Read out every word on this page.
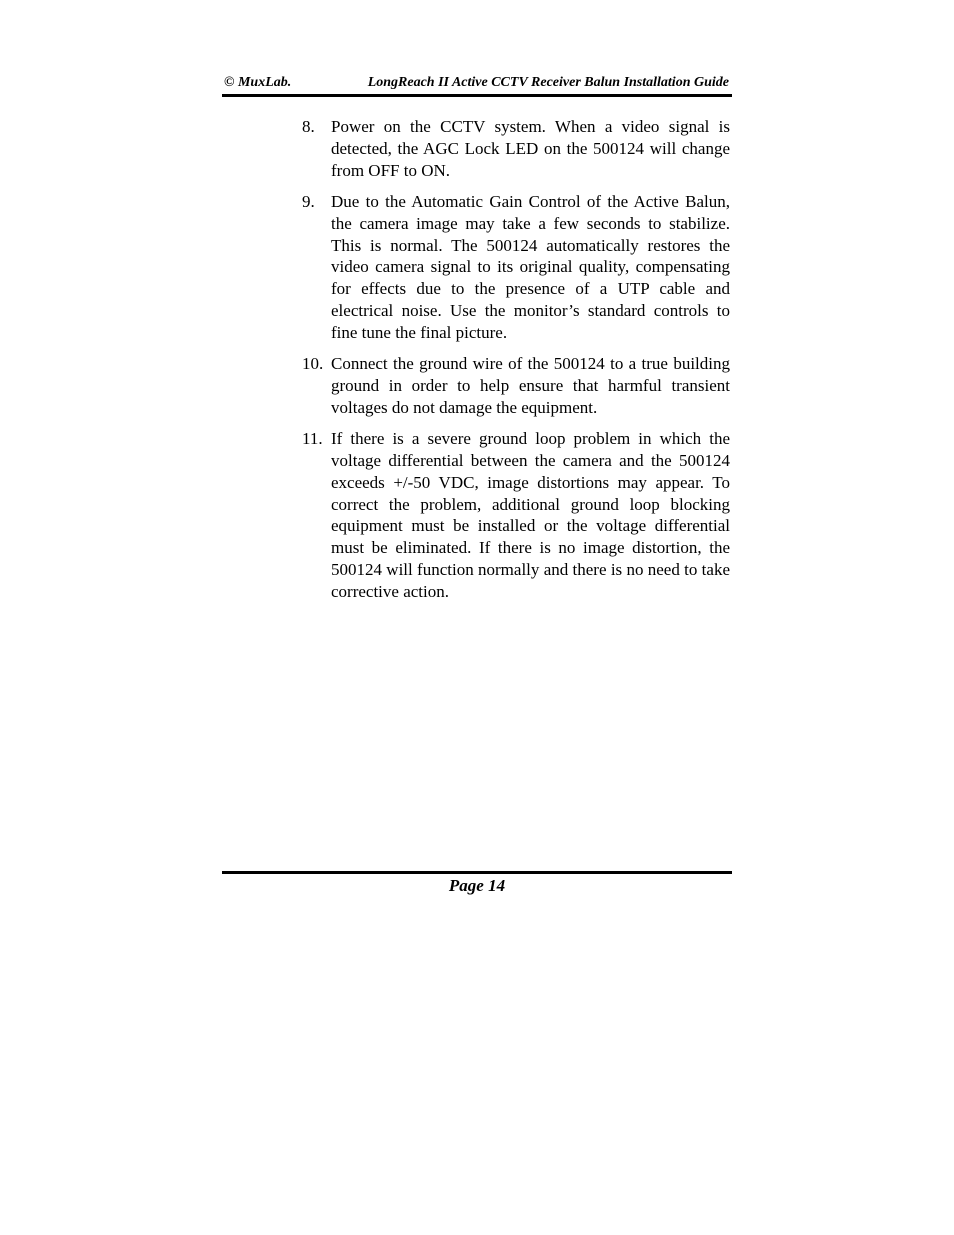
© MuxLab.	LongReach II Active CCTV Receiver Balun Installation Guide
8. Power on the CCTV system. When a video signal is detected, the AGC Lock LED on the 500124 will change from OFF to ON.
9. Due to the Automatic Gain Control of the Active Balun, the camera image may take a few seconds to stabilize. This is normal. The 500124 automatically restores the video camera signal to its original quality, compensating for effects due to the presence of a UTP cable and electrical noise. Use the monitor’s standard controls to fine tune the final picture.
10. Connect the ground wire of the 500124 to a true building ground in order to help ensure that harmful transient voltages do not damage the equipment.
11. If there is a severe ground loop problem in which the voltage differential between the camera and the 500124 exceeds +/-50 VDC, image distortions may appear. To correct the problem, additional ground loop blocking equipment must be installed or the voltage differential must be eliminated. If there is no image distortion, the 500124 will function normally and there is no need to take corrective action.
Page 14
